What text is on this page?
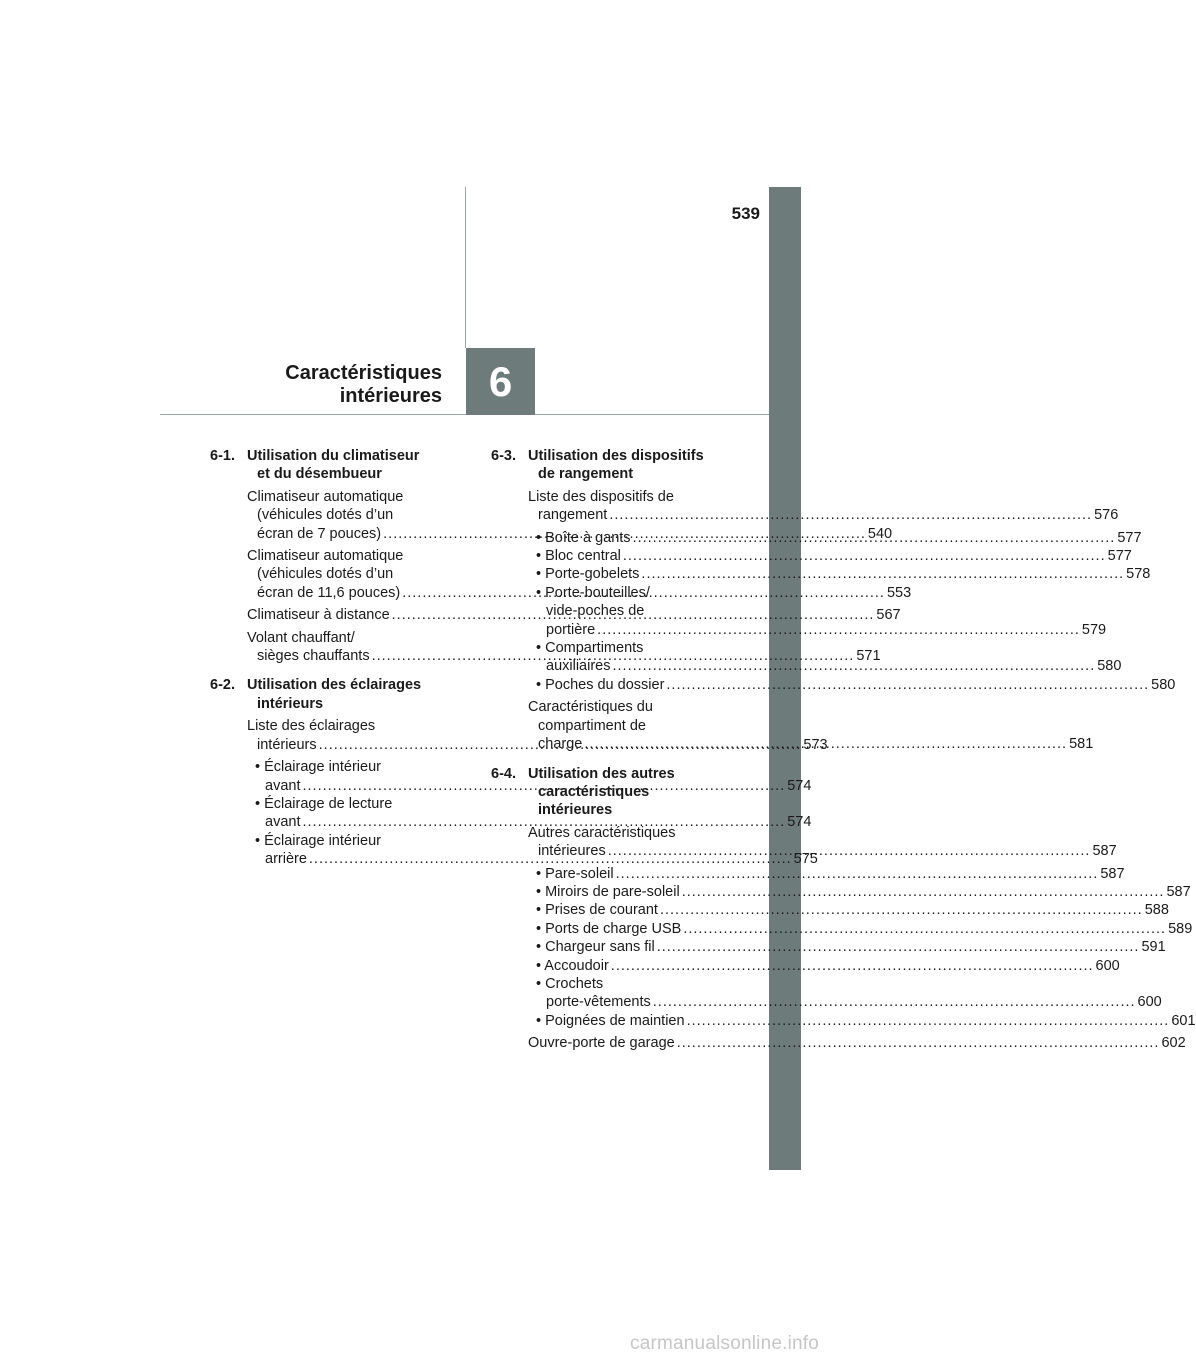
539
6
Caractéristiques
intérieures
6-1. Utilisation du climatiseur
et du désembueur
Climatiseur automatique
(véhicules dotés d’un
écran de 7 pouces) .....	540
Climatiseur automatique
(véhicules dotés d’un
écran de 11,6 pouces) .....	553
Climatiseur à distance .....	567
Volant chauffant/
sièges chauffants .....	571
6-2. Utilisation des éclairages
intérieurs
Liste des éclairages
intérieurs .....	573
• Éclairage intérieur
avant .....	574
• Éclairage de lecture
avant .....	574
• Éclairage intérieur
arrière .....	575
6-3. Utilisation des dispositifs
de rangement
Liste des dispositifs de
rangement .....	576
• Boîte à gants .....	577
• Bloc central .....	577
• Porte-gobelets .....	578
• Porte-bouteilles/
vide-poches de
portière .....	579
• Compartiments
auxiliaires .....	580
• Poches du dossier .....	580
Caractéristiques du
compartiment de
charge .....	581
6-4. Utilisation des autres
caractéristiques
intérieures
Autres caractéristiques
intérieures .....	587
• Pare-soleil .....	587
• Miroirs de pare-soleil .....	587
• Prises de courant .....	588
• Ports de charge USB .....	589
• Chargeur sans fil .....	591
• Accoudoir .....	600
• Crochets
porte-vêtements .....	600
• Poignées de maintien .....	601
Ouvre-porte de garage .....	602
carmanualsonline.info
